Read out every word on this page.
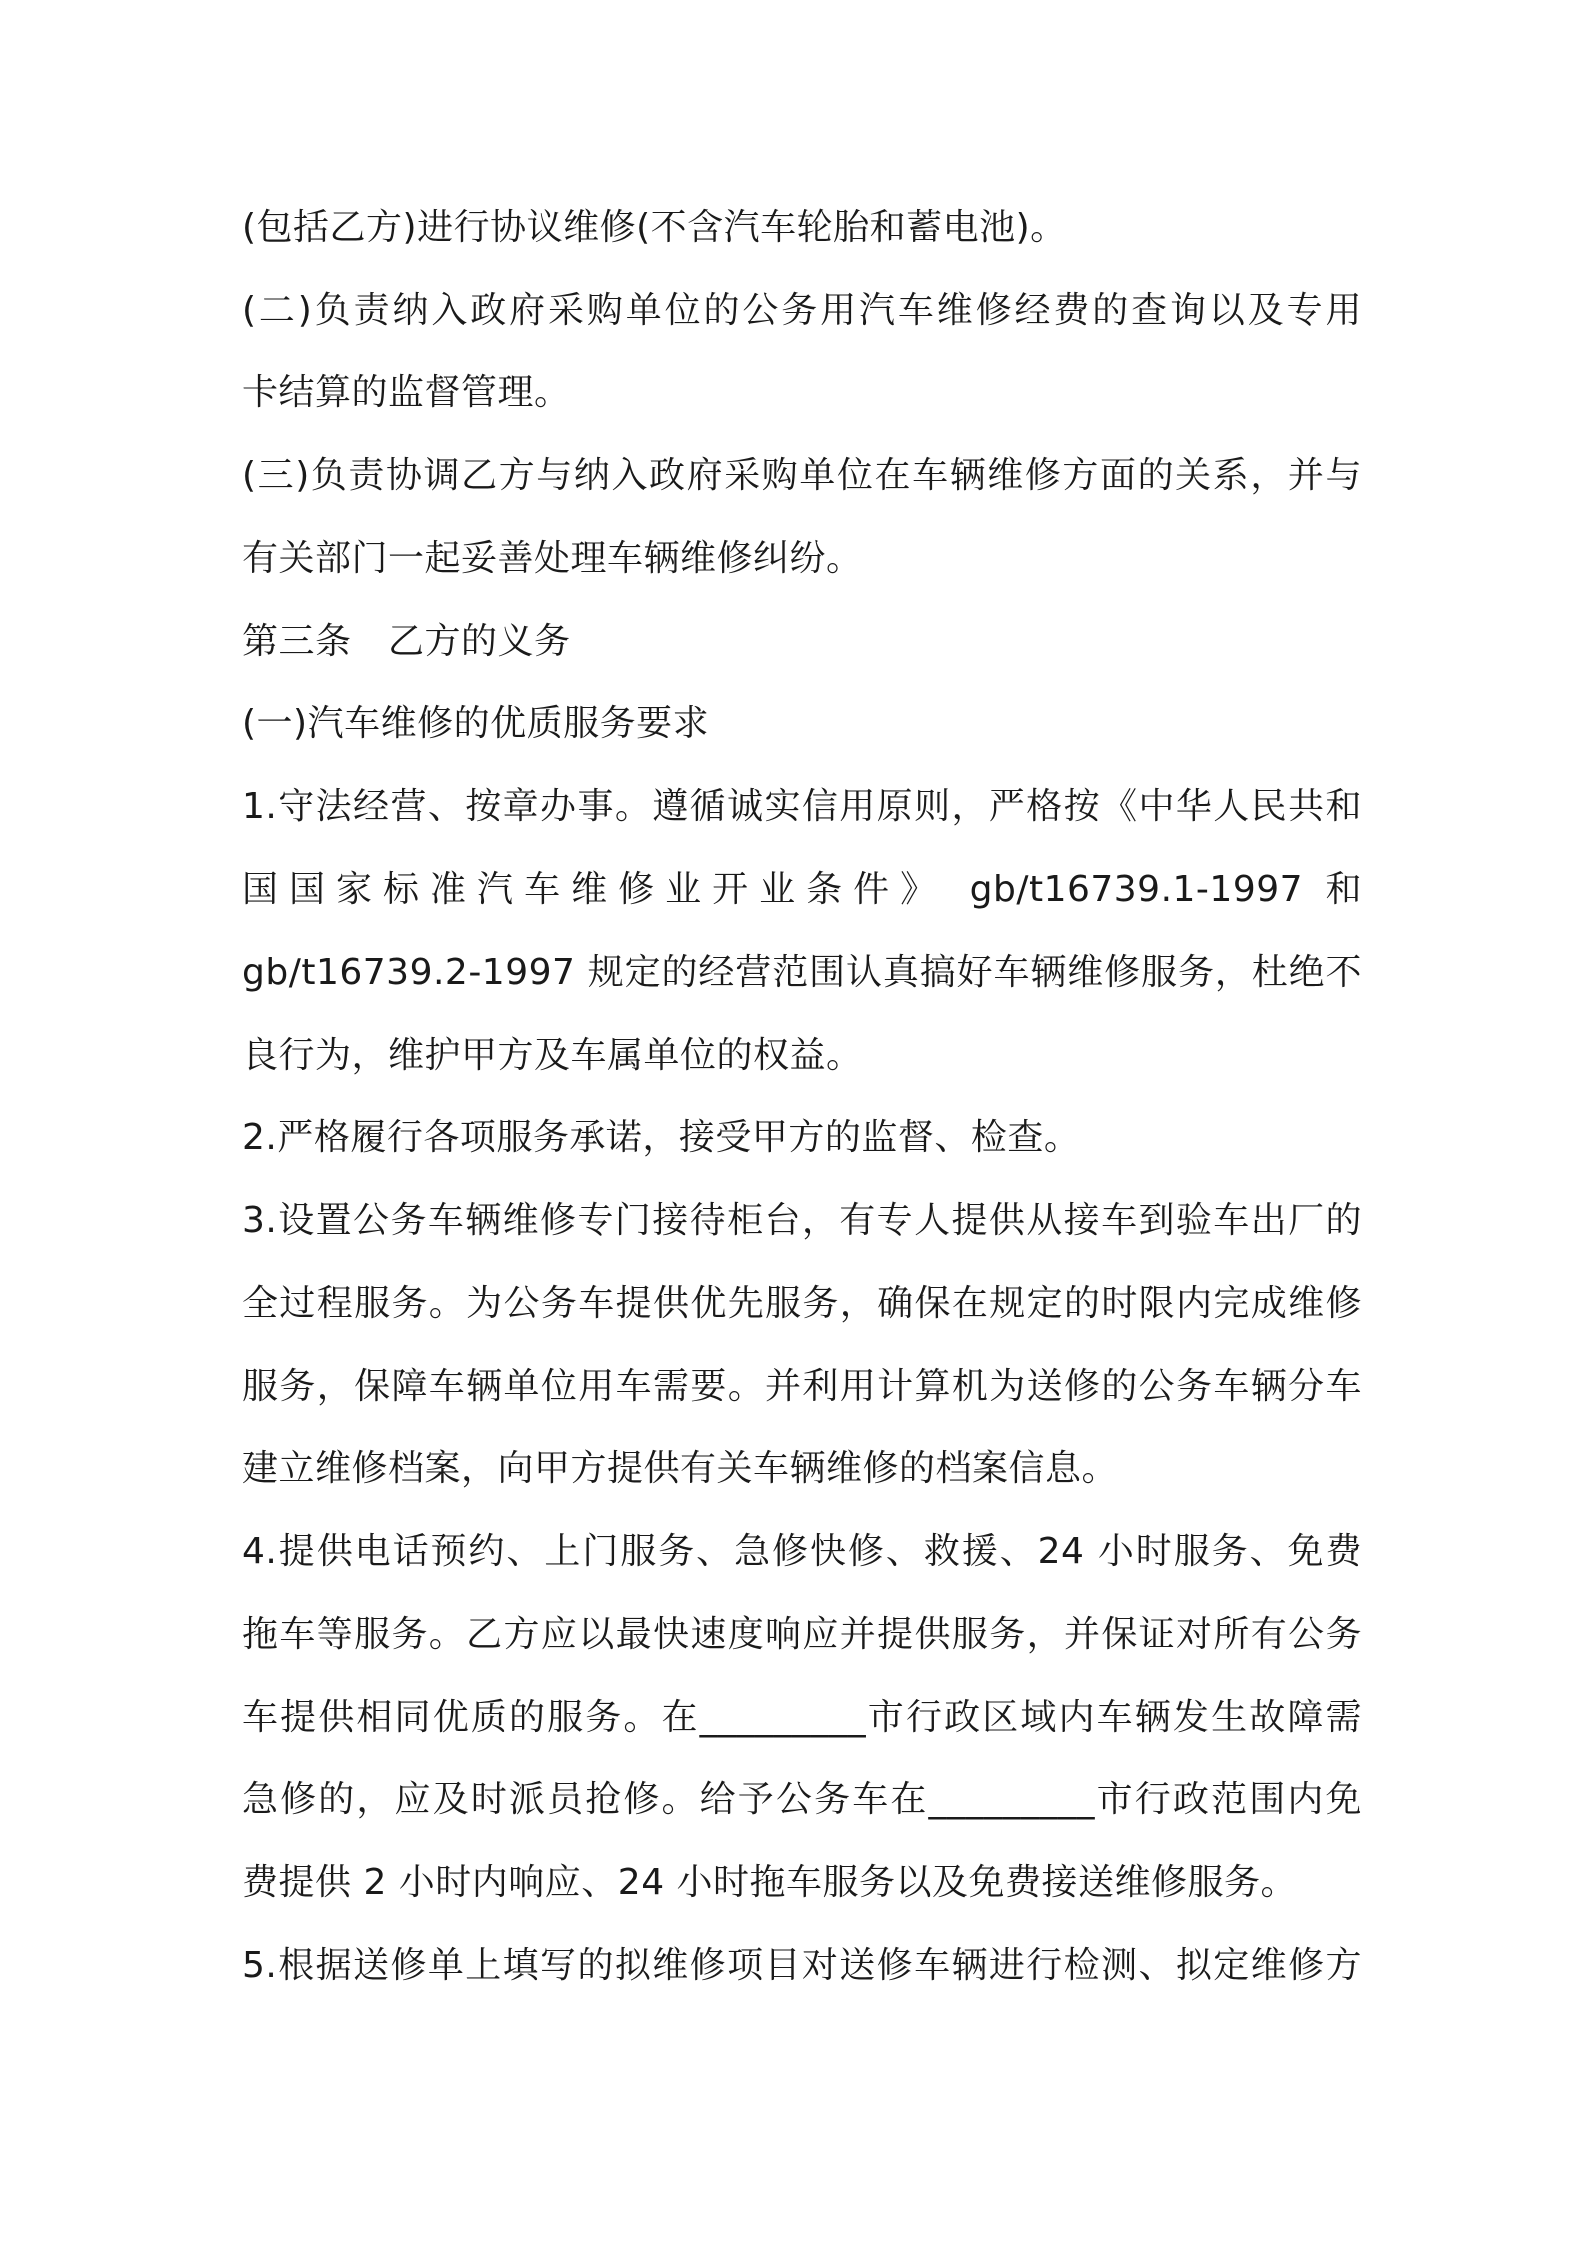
(包括乙方)进行协议维修(不含汽车轮胎和蓄电池)。
(二)负责纳入政府采购单位的公务用汽车维修经费的查询以及专用
卡结算的监督管理。
(三)负责协调乙方与纳入政府采购单位在车辆维修方面的关系，并与
有关部门一起妥善处理车辆维修纠纷。
第三条　乙方的义务
(一)汽车维修的优质服务要求
1.守法经营、按章办事。遵循诚实信用原则，严格按《中华人民共和
国国家标准汽车维修业开业条件》 gb/t16739.1-1997 和
gb/t16739.2-1997 规定的经营范围认真搞好车辆维修服务，杜绝不
良行为，维护甲方及车属单位的权益。
2.严格履行各项服务承诺，接受甲方的监督、检查。
3.设置公务车辆维修专门接待柜台，有专人提供从接车到验车出厂的
全过程服务。为公务车提供优先服务，确保在规定的时限内完成维修
服务，保障车辆单位用车需要。并利用计算机为送修的公务车辆分车
建立维修档案，向甲方提供有关车辆维修的档案信息。
4.提供电话预约、上门服务、急修快修、救援、24 小时服务、免费
拖车等服务。乙方应以最快速度响应并提供服务，并保证对所有公务
车提供相同优质的服务。在_________市行政区域内车辆发生故障需
急修的，应及时派员抢修。给予公务车在_________市行政范围内免
费提供 2 小时内响应、24 小时拖车服务以及免费接送维修服务。
5.根据送修单上填写的拟维修项目对送修车辆进行检测、拟定维修方
